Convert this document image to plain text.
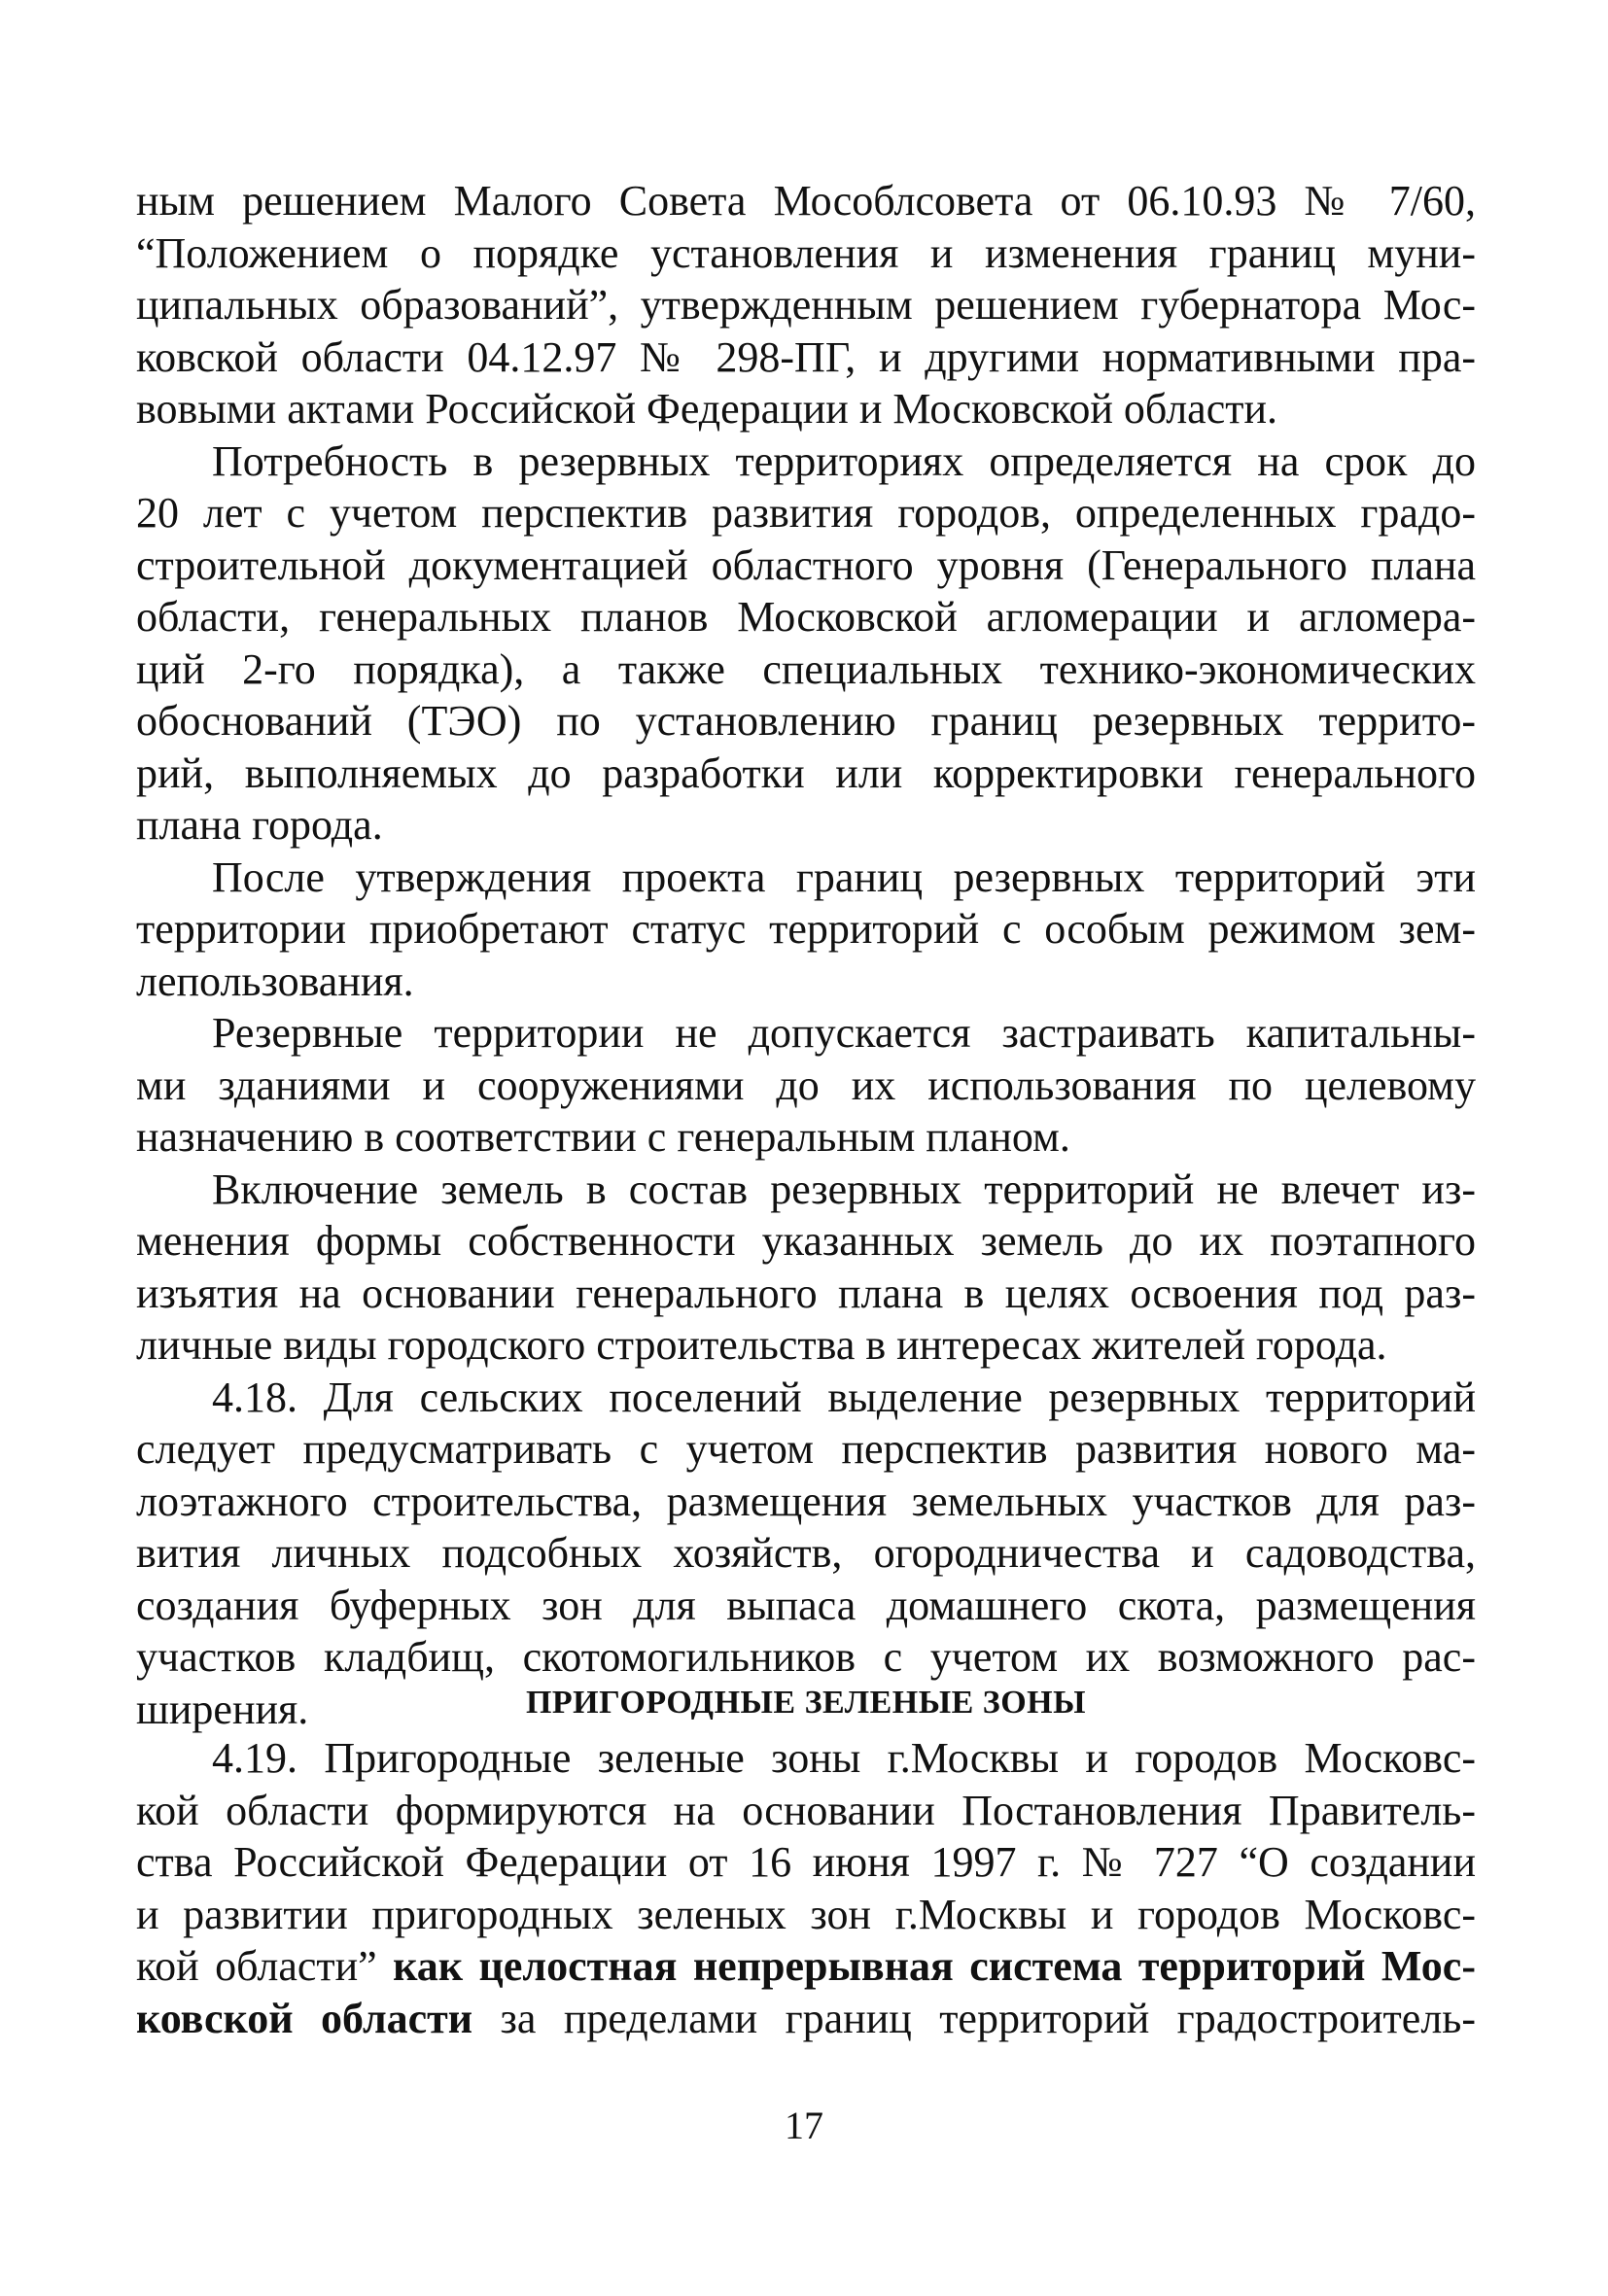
ным решением Малого Совета Мособлсовета от 06.10.93 № 7/60,
“Положением о порядке установления и изменения границ муни-
ципальных образований”, утвержденным решением губернатора Мос-
ковской области 04.12.97 № 298-ПГ, и другими нормативными пра-
вовыми актами Российской Федерации и Московской области.
Потребность в резервных территориях определяется на срок до
20 лет с учетом перспектив развития городов, определенных градо-
строительной документацией областного уровня (Генерального плана
области, генеральных планов Московской агломерации и агломера-
ций 2-го порядка), а также специальных технико-экономических
обоснований (ТЭО) по установлению границ резервных террито-
рий, выполняемых до разработки или корректировки генерального
плана города.
После утверждения проекта границ резервных территорий эти
территории приобретают статус территорий с особым режимом зем-
лепользования.
Резервные территории не допускается застраивать капитальны-
ми зданиями и сооружениями до их использования по целевому
назначению в соответствии с генеральным планом.
Включение земель в состав резервных территорий не влечет из-
менения формы собственности указанных земель до их поэтапного
изъятия на основании генерального плана в целях освоения под раз-
личные виды городского строительства в интересах жителей города.
4.18. Для сельских поселений выделение резервных территорий
следует предусматривать с учетом перспектив развития нового ма-
лоэтажного строительства, размещения земельных участков для раз-
вития личных подсобных хозяйств, огородничества и садоводства,
создания буферных зон для выпаса домашнего скота, размещения
участков кладбищ, скотомогильников с учетом их возможного рас-
ширения.	ПРИГОРОДНЫЕ ЗЕЛЕНЫЕ ЗОНЫ
4.19. Пригородные зеленые зоны г.Москвы и городов Московс-
кой области формируются на основании Постановления Правитель-
ства Российской Федерации от 16 июня 1997 г. № 727 “О создании
и развитии пригородных зеленых зон г.Москвы и городов Московс-
кой области” как целостная непрерывная система территорий Мос-
ковской области за пределами границ территорий градостроитель-
17
